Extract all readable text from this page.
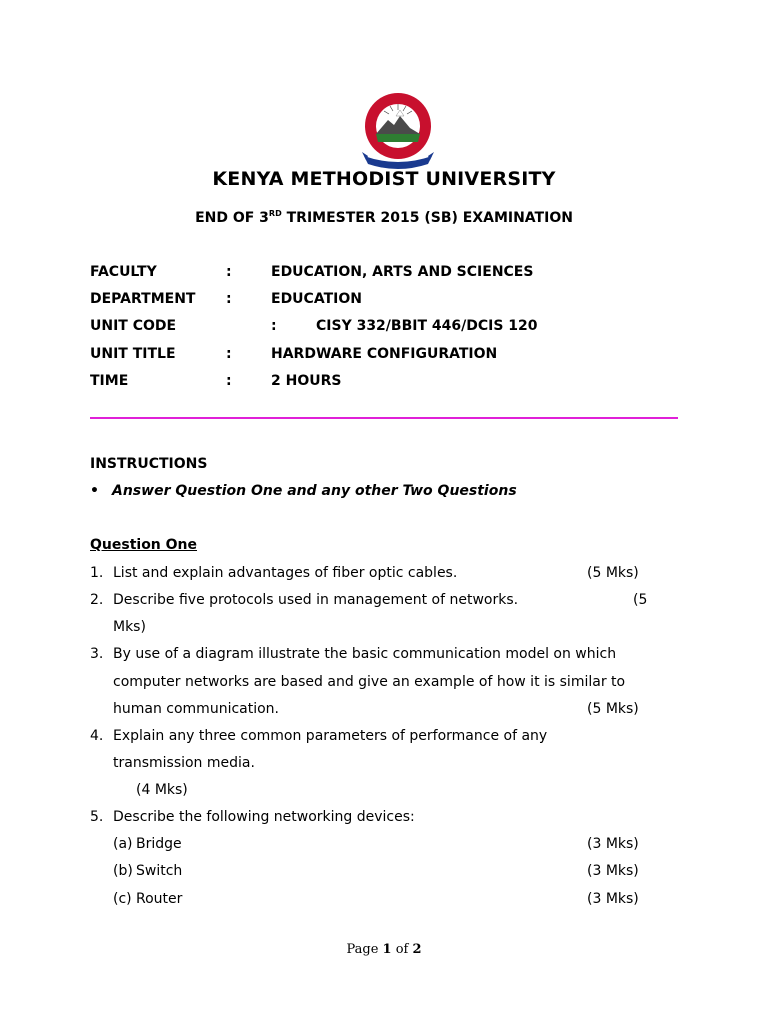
KENYA METHODIST UNIVERSITY
END OF 3RD TRIMESTER 2015 (SB) EXAMINATION
FACULTY	:	EDUCATION, ARTS AND SCIENCES
DEPARTMENT :	EDUCATION
UNIT CODE	:	CISY 332/BBIT 446/DCIS 120
UNIT TITLE	:	HARDWARE CONFIGURATION
TIME	:	2 HOURS
INSTRUCTIONS
• Answer Question One and any other Two Questions
Question One
1. List and explain advantages of fiber optic cables.	(5 Mks)
2. Describe five protocols used in management of networks.	(5
Mks)
3. By use of a diagram illustrate the basic communication model on which
computer networks are based and give an example of how it is similar to
human communication.	(5 Mks)
4. Explain any three common parameters of performance of any
transmission media.
(4 Mks)
5. Describe the following networking devices:
(a) Bridge	(3 Mks)
(b) Switch	(3 Mks)
(c) Router	(3 Mks)
Page 1 of 2
